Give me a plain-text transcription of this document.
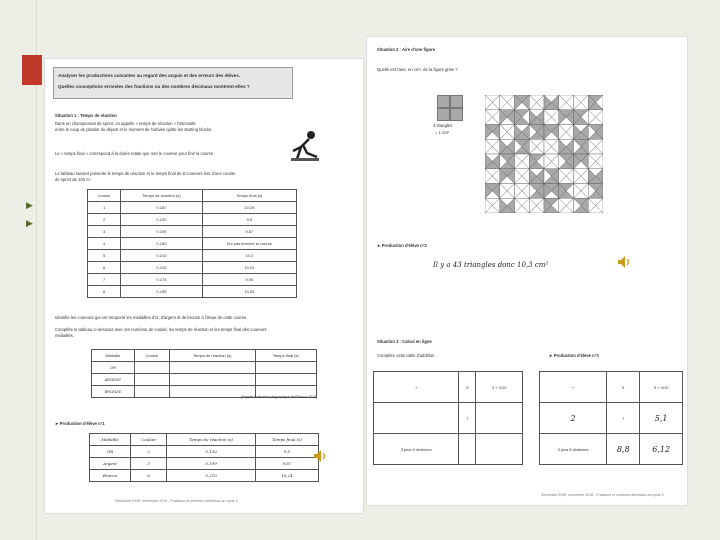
▶
▶
Analyser les productions suivantes au regard des acquis et des erreurs des élèves.
Quelles conceptions erronées des fractions ou des nombres décimaux montrent-elles ?
Situation 1 : Temps de réaction
Dans un championnat de sprint, on appelle « temps de réaction » l'intervalle
entre le coup de pistolet du départ et le moment de l'arrivée quitte les starting blocks.
Le « temps final » correspond à la durée totale que met le coureur pour finir la course.
Le tableau suivant présente le temps de réaction et le temps final de 8 coureurs lors d'une course
de sprint de 100 m :
Couloir	Temps de réaction (s)	Temps final (s)
1	0,187	10,29
2	0,130	9,5
3	0,199	9,87
4	0,180	N'a pas terminé la course
5	0,210	10,2
6	0,210	10,24
7	0,174	9,95
8	0,195	10,53
Identifie les coureurs qui ont remporté les médailles d'or, d'argent et de bronze à l'issue de cette course.
Complète le tableau ci-dessous avec les numéros de couloir, les temps de réaction et les temps final des coureurs
médaillés.
Médaille	Couloir	Temps de réaction (s)	Temps final (s)
OR			
ARGENT			
BRONZE			
(d'après évaluation diagnostique 6e/Éduscol 2016)
➤ Production d'élève n°1
Médaille	Couloir	Temps de réaction (s)	Temps final (s)
OR	2	0,130	9,5
Argent	3	0,199	9,87
Bronze	6	0,210	10,24
Séminaire EMR, novembre 2016 - Fractions et nombres décimaux au cycle 3
Situation 2 : Aire d'une figure
Quelle est l'aire, en cm², de la figure grise ?
4 triangles
= 1 cm²
➤ Production d'élève n°2
Il y a 43 triangles donc 10,3 cm²
Situation 3 : Calcul en ligne
Complète cette table d'addition :	➤ Production d'élève n°3
+	5	3 + 4/10
	7	
3 plus 8 dixièmes		
+	5	3 + 4/10
2	7	5,1
3 plus 8 dixièmes	8,8	6,12
Séminaire EMR, novembre 2016 - Fractions et nombres décimaux au cycle 3
